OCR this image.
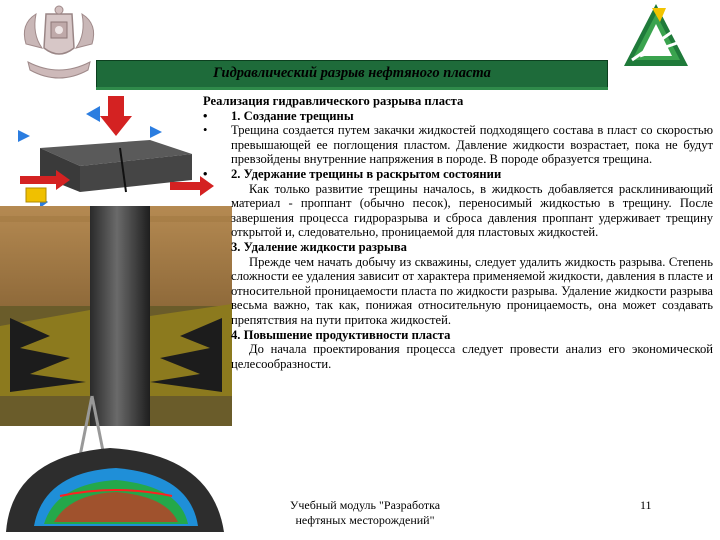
Гидравлический разрыв нефтяного пласта

Реализация гидравлического разрыва пласта

• 1. Создание трещины

• Трещина создается путем закачки жидкостей подходящего состава в пласт со скоростью превышающей ее поглощения пластом. Давление жидкости возрастает, пока не будут превзойдены внутренние напряжения в породе. В породе образуется трещина.

• 2. Удержание трещины в раскрытом состоянии

Как только развитие трещины началось, в жидкость добавляется расклинивающий материал - проппант (обычно песок), переносимый жидкостью в трещину. После завершения процесса гидроразрыва и сброса давления проппант удерживает трещину открытой и, следовательно, проницаемой для пластовых жидкостей.

3. Удаление жидкости разрыва

Прежде чем начать добычу из скважины, следует удалить жидкость разрыва. Степень сложности ее удаления зависит от характера применяемой жидкости, давления в пласте и относительной проницаемости пласта по жидкости разрыва. Удаление жидкости разрыва весьма важно, так как, понижая относительную проницаемость, она может создавать препятствия на пути притока жидкостей.

4. Повышение продуктивности пласта

До начала проектирования процесса следует провести анализ его экономической целесообразности.

Учебный модуль "Разработка
нефтяных месторождений"
11
